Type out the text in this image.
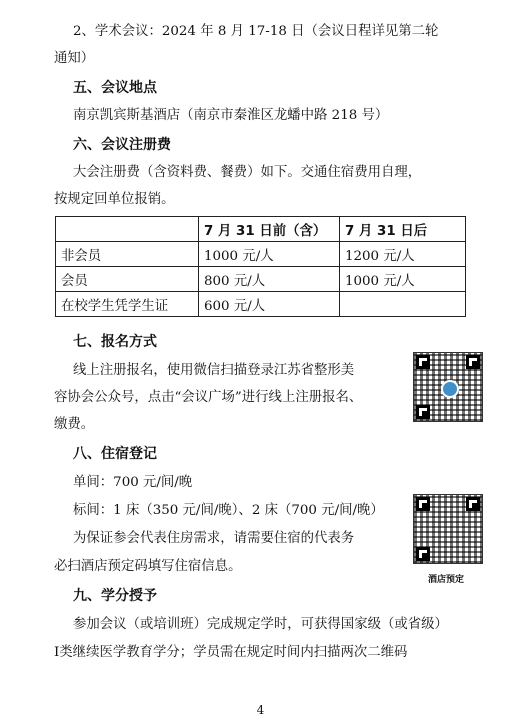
2、学术会议：2024 年 8 月 17-18 日（会议日程详见第二轮
通知）
五、会议地点
南京凯宾斯基酒店（南京市秦淮区龙蟠中路 218 号）
六、会议注册费
大会注册费（含资料费、餐费）如下。交通住宿费用自理，
按规定回单位报销。
	7 月 31 日前（含）	7 月 31 日后
非会员	1000 元/人	1200 元/人
会员	800 元/人	1000 元/人
在校学生凭学生证	600 元/人	
七、报名方式
线上注册报名，使用微信扫描登录江苏省整形美
容协会公众号，点击“会议广场”进行线上注册报名、
缴费。
八、住宿登记
单间：700 元/间/晚
标间：1 床（350 元/间/晚）、2 床（700 元/间/晚）
为保证参会代表住房需求，请需要住宿的代表务
必扫酒店预定码填写住宿信息。
酒店预定
九、学分授予
参加会议（或培训班）完成规定学时，可获得国家级（或省级）
Ⅰ类继续医学教育学分；学员需在规定时间内扫描两次二维码
4
